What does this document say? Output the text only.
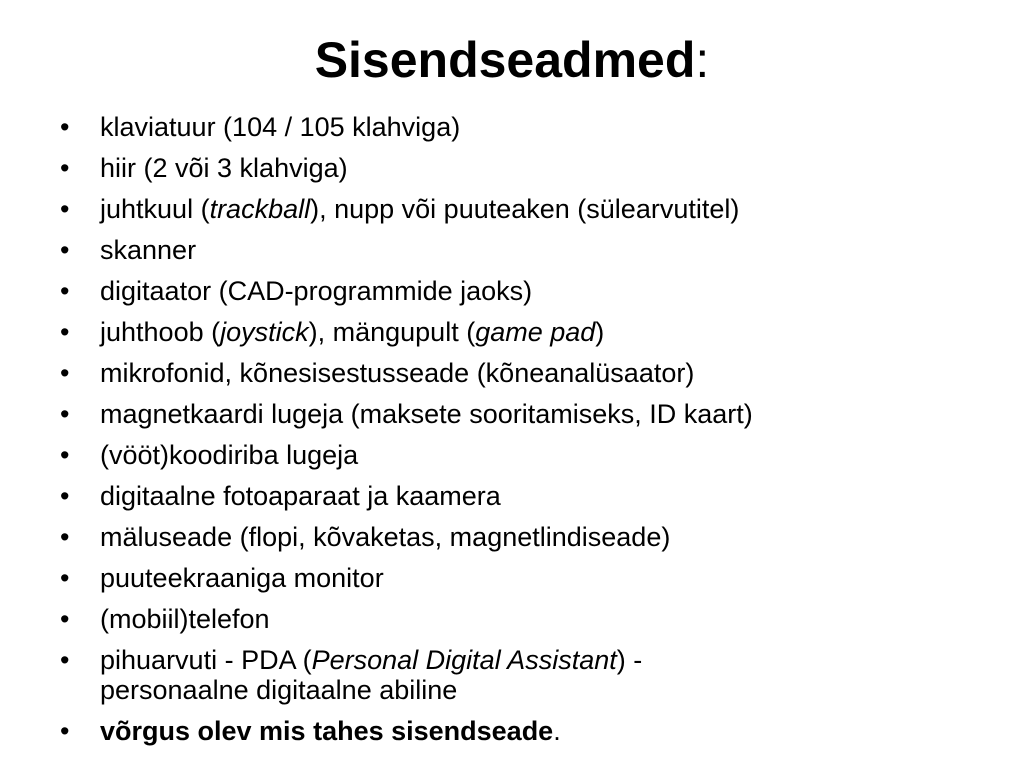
Sisendseadmed:
• klaviatuur (104 / 105 klahviga)
• hiir (2 või 3 klahviga)
• juhtkuul (trackball), nupp või puuteaken (sülearvutitel)
• skanner
• digitaator (CAD-programmide jaoks)
• juhthoob (joystick), mängupult (game pad)
• mikrofonid, kõnesisestusseade (kõneanalüsaator)
• magnetkaardi lugeja (maksete sooritamiseks, ID kaart)
• (vööt)koodiriba lugeja
• digitaalne fotoaparaat ja kaamera
• mäluseade (flopi, kõvaketas, magnetlindiseade)
• puuteekraaniga monitor
• (mobiil)telefon
• pihuarvuti - PDA (Personal Digital Assistant) -
personaalne digitaalne abiline
• võrgus olev mis tahes sisendseade.
